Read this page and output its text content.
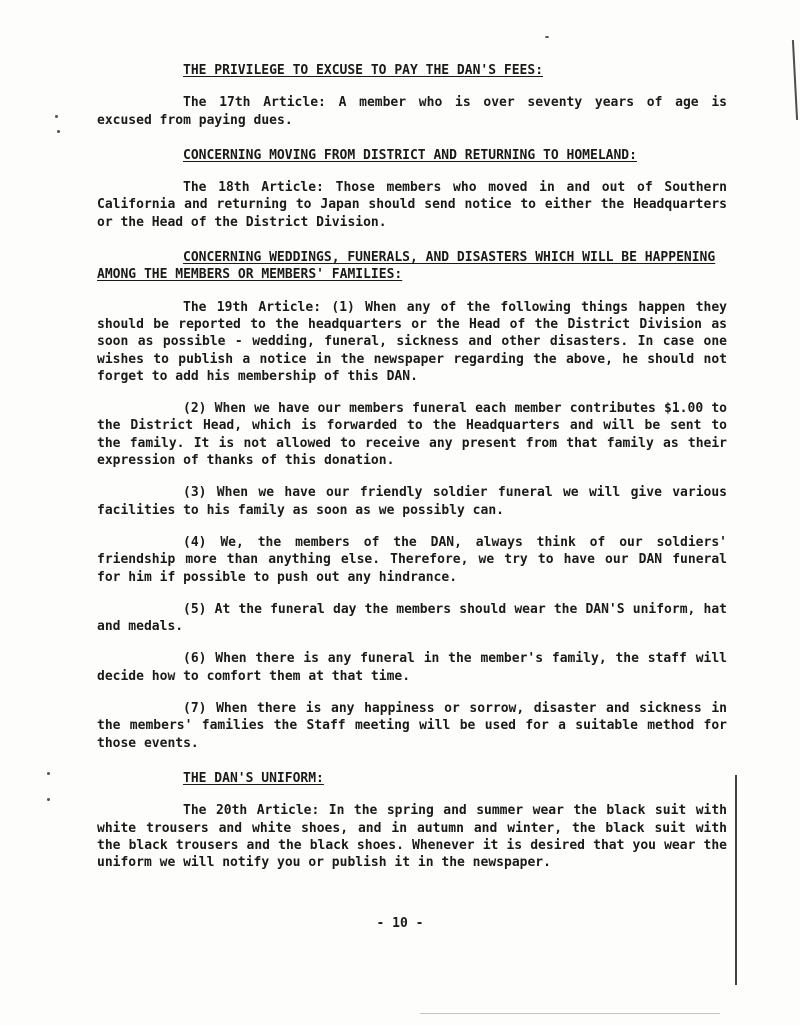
THE PRIVILEGE TO EXCUSE TO PAY THE DAN'S FEES:

The 17th Article: A member who is over seventy years of age is excused from paying dues.

CONCERNING MOVING FROM DISTRICT AND RETURNING TO HOMELAND:

The 18th Article: Those members who moved in and out of Southern California and returning to Japan should send notice to either the Headquarters or the Head of the District Division.

CONCERNING WEDDINGS, FUNERALS, AND DISASTERS WHICH WILL BE HAPPENING AMONG THE MEMBERS OR MEMBERS' FAMILIES:

The 19th Article: (1) When any of the following things happen they should be reported to the headquarters or the Head of the District Division as soon as possible - wedding, funeral, sickness and other disasters. In case one wishes to publish a notice in the newspaper regarding the above, he should not forget to add his membership of this DAN.

(2) When we have our members funeral each member contributes $1.00 to the District Head, which is forwarded to the Headquarters and will be sent to the family. It is not allowed to receive any present from that family as their expression of thanks of this donation.

(3) When we have our friendly soldier funeral we will give various facilities to his family as soon as we possibly can.

(4) We, the members of the DAN, always think of our soldiers' friendship more than anything else. Therefore, we try to have our DAN funeral for him if possible to push out any hindrance.

(5) At the funeral day the members should wear the DAN'S uniform, hat and medals.

(6) When there is any funeral in the member's family, the staff will decide how to comfort them at that time.

(7) When there is any happiness or sorrow, disaster and sickness in the members' families the Staff meeting will be used for a suitable method for those events.

THE DAN'S UNIFORM:

The 20th Article: In the spring and summer wear the black suit with white trousers and white shoes, and in autumn and winter, the black suit with the black trousers and the black shoes. Whenever it is desired that you wear the uniform we will notify you or publish it in the newspaper.

- 10 -
